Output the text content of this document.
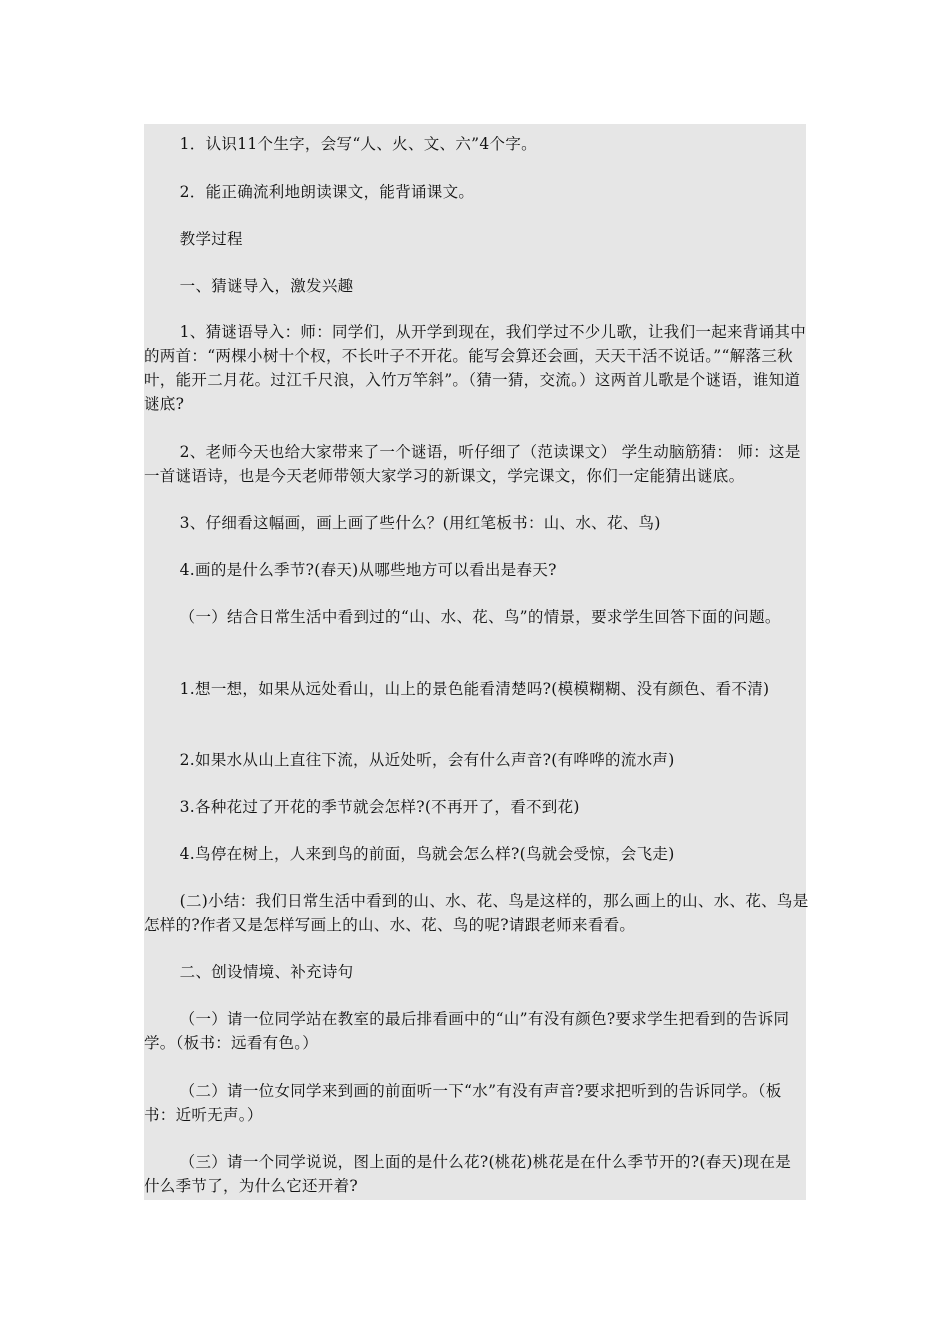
1．认识11个生字，会写“人、火、文、六”4个字。

2．能正确流利地朗读课文，能背诵课文。

教学过程

一、猜谜导入，激发兴趣

1、猜谜语导入：师：同学们，从开学到现在，我们学过不少儿歌，让我们一起来背诵其中的两首：“两棵小树十个杈，不长叶子不开花。能写会算还会画，天天干活不说话。”“解落三秋叶，能开二月花。过江千尺浪，入竹万竿斜”。（猜一猜，交流。）这两首儿歌是个谜语，谁知道谜底?

2、老师今天也给大家带来了一个谜语，听仔细了（范读课文） 学生动脑筋猜： 师：这是一首谜语诗，也是今天老师带领大家学习的新课文，学完课文，你们一定能猜出谜底。

3、仔细看这幅画，画上画了些什么？(用红笔板书：山、水、花、鸟)

4.画的是什么季节?(春天)从哪些地方可以看出是春天?

（一）结合日常生活中看到过的“山、水、花、鸟”的情景，要求学生回答下面的问题。

1.想一想，如果从远处看山，山上的景色能看清楚吗?(模模糊糊、没有颜色、看不清)

2.如果水从山上直往下流，从近处听，会有什么声音?(有哗哗的流水声)

3.各种花过了开花的季节就会怎样?(不再开了，看不到花)

4.鸟停在树上，人来到鸟的前面，鸟就会怎么样?(鸟就会受惊，会飞走)

(二)小结：我们日常生活中看到的山、水、花、鸟是这样的，那么画上的山、水、花、鸟是怎样的?作者又是怎样写画上的山、水、花、鸟的呢?请跟老师来看看。

二、创设情境、补充诗句

（一）请一位同学站在教室的最后排看画中的“山”有没有颜色?要求学生把看到的告诉同学。（板书：远看有色。）

（二）请一位女同学来到画的前面听一下“水”有没有声音?要求把听到的告诉同学。（板书：近听无声。）

（三）请一个同学说说，图上面的是什么花?(桃花)桃花是在什么季节开的?(春天)现在是什么季节了，为什么它还开着?
